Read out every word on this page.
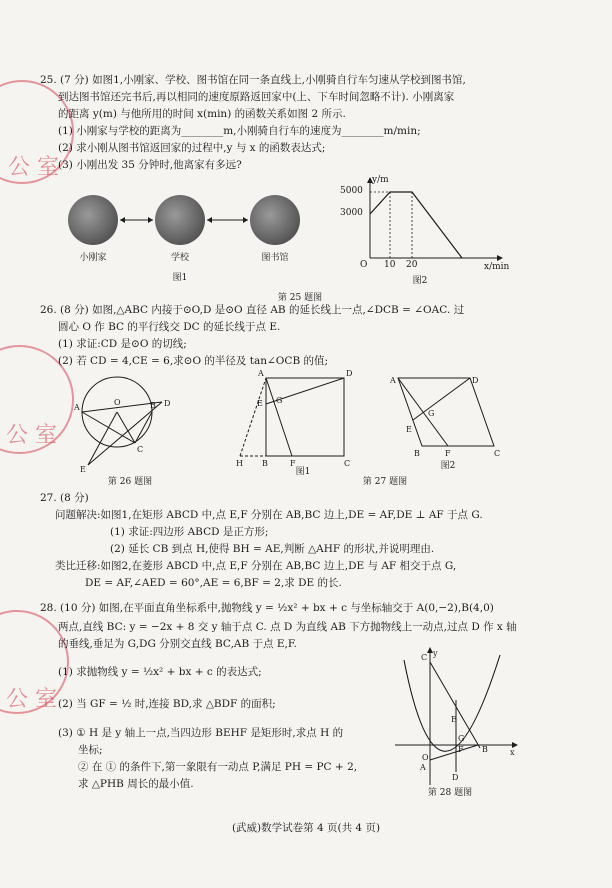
公 室
公 室
公 室
25. (7 分) 如图1,小刚家、学校、图书馆在同一条直线上,小刚骑自行车匀速从学校到图书馆,
到达图书馆还完书后,再以相同的速度原路返回家中(上、下车时间忽略不计). 小刚离家
的距离 y(m) 与他所用的时间 x(min) 的函数关系如图 2 所示.
(1) 小刚家与学校的距离为________m,小刚骑自行车的速度为________m/min;
(2) 求小刚从图书馆返回家的过程中,y 与 x 的函数表达式;
(3) 小刚出发 35 分钟时,他离家有多远?
小刚家	学校	图书馆
图1
y/m
5000
3000
O 10 20	x/min
图2
第 25 题图
26. (8 分) 如图,△ABC 内接于⊙O,D 是⊙O 直径 AB 的延长线上一点,∠DCB = ∠OAC. 过
圆心 O 作 BC 的平行线交 DC 的延长线于点 E.
(1) 求证:CD 是⊙O 的切线;
(2) 若 CD = 4,CE = 6,求⊙O 的半径及 tan∠OCB 的值;
A
O	B D
C
E
第 26 题图
A	D
H B	F	C
E G
图1
A	D
B	F	C
E
G
图2
第 27 题图
27. (8 分)
问题解决:如图1,在矩形 ABCD 中,点 E,F 分别在 AB,BC 边上,DE = AF,DE ⊥ AF 于点 G.
(1) 求证:四边形 ABCD 是正方形;
(2) 延长 CB 到点 H,使得 BH = AE,判断 △AHF 的形状,并说明理由.
类比迁移:如图2,在菱形 ABCD 中,点 E,F 分别在 AB,BC 边上,DE 与 AF 相交于点 G,
DE = AF,∠AED = 60°,AE = 6,BF = 2,求 DE 的长.
28. (10 分) 如图,在平面直角坐标系中,抛物线 y = ½x² + bx + c 与坐标轴交于 A(0,−2),B(4,0)
两点,直线 BC: y = −2x + 8 交 y 轴于点 C. 点 D 为直线 AB 下方抛物线上一动点,过点 D 作 x 轴
的垂线,垂足为 G,DG 分别交直线 BC,AB 于点 E,F.
(1) 求抛物线 y = ½x² + bx + c 的表达式;
(2) 当 GF = ½ 时,连接 BD,求 △BDF 的面积;
(3) ① H 是 y 轴上一点,当四边形 BEHF 是矩形时,求点 H 的
坐标;
② 在 ① 的条件下,第一象限有一动点 P,满足 PH = PC + 2,
求 △PHB 周长的最小值.
C
O
A
B
E
F
G
D
x
y
第 28 题图
(武威)数学试卷第 4 页(共 4 页)
